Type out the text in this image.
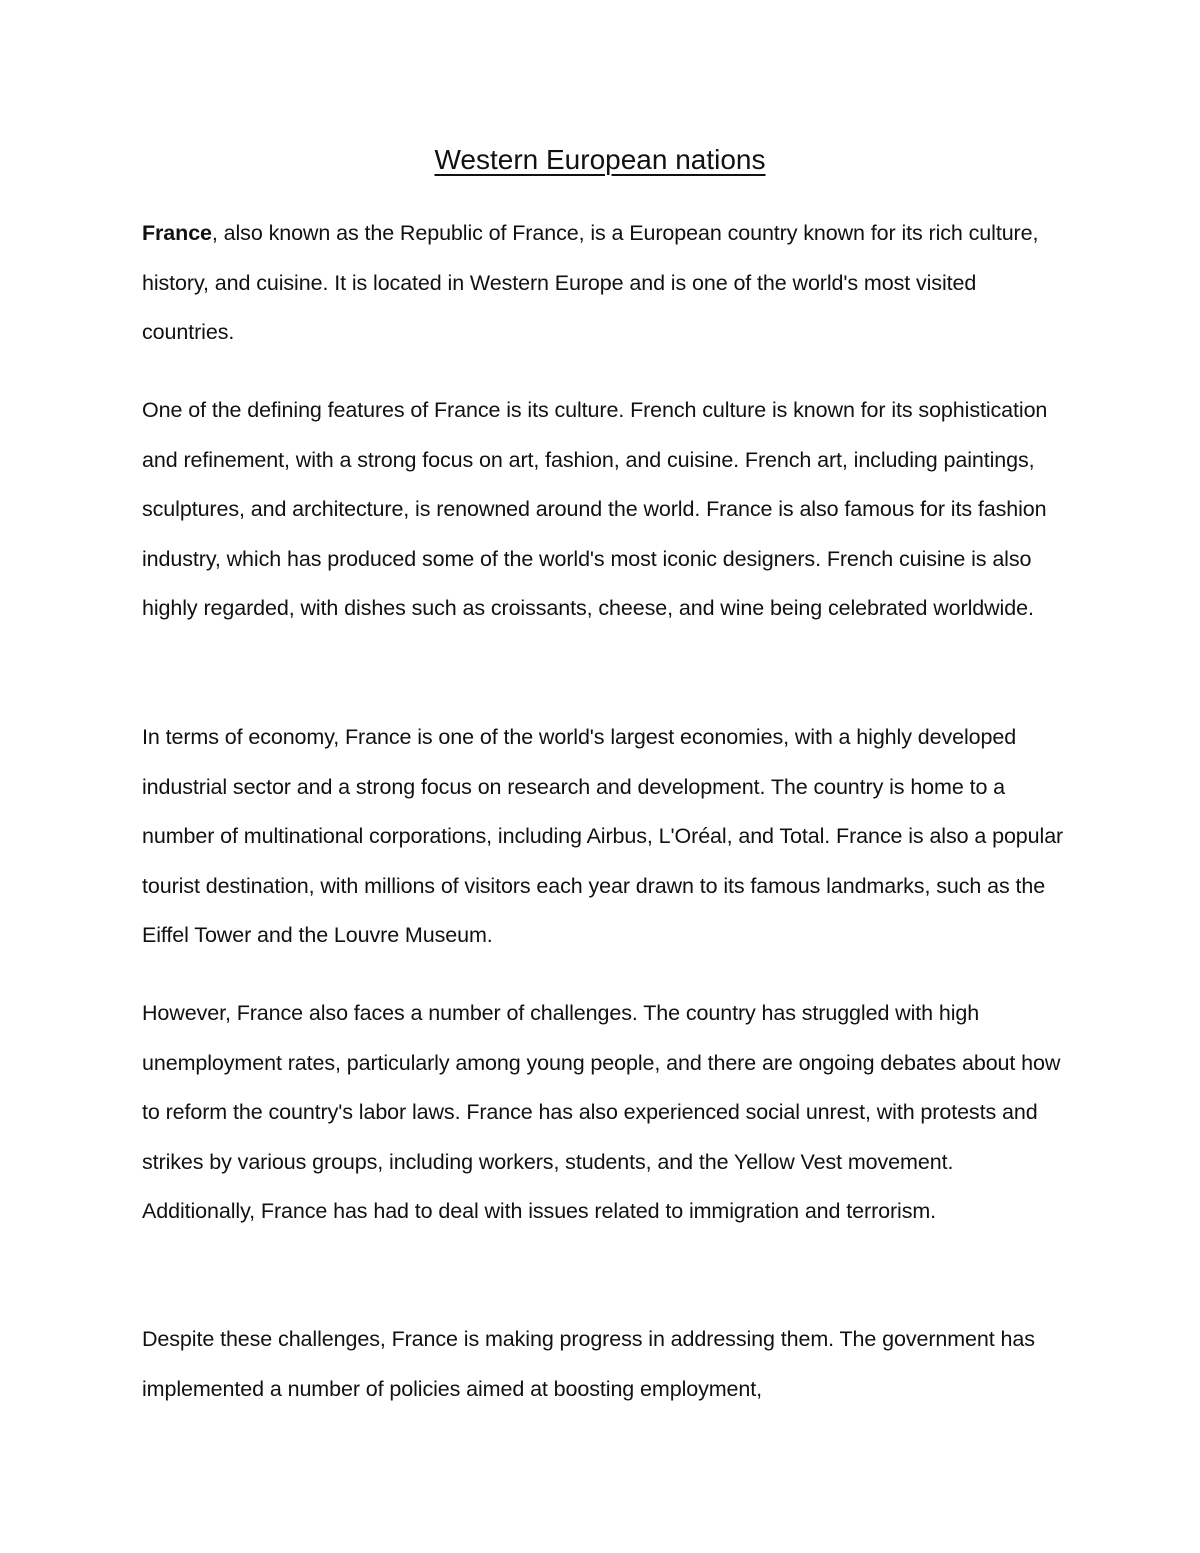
Western European nations

France, also known as the Republic of France, is a European country known for its rich culture, history, and cuisine. It is located in Western Europe and is one of the world's most visited countries.

One of the defining features of France is its culture. French culture is known for its sophistication and refinement, with a strong focus on art, fashion, and cuisine. French art, including paintings, sculptures, and architecture, is renowned around the world. France is also famous for its fashion industry, which has produced some of the world's most iconic designers. French cuisine is also highly regarded, with dishes such as croissants, cheese, and wine being celebrated worldwide.

In terms of economy, France is one of the world's largest economies, with a highly developed industrial sector and a strong focus on research and development. The country is home to a number of multinational corporations, including Airbus, L'Oréal, and Total. France is also a popular tourist destination, with millions of visitors each year drawn to its famous landmarks, such as the Eiffel Tower and the Louvre Museum.

However, France also faces a number of challenges. The country has struggled with high unemployment rates, particularly among young people, and there are ongoing debates about how to reform the country's labor laws. France has also experienced social unrest, with protests and strikes by various groups, including workers, students, and the Yellow Vest movement. Additionally, France has had to deal with issues related to immigration and terrorism.

Despite these challenges, France is making progress in addressing them. The government has implemented a number of policies aimed at boosting employment,
